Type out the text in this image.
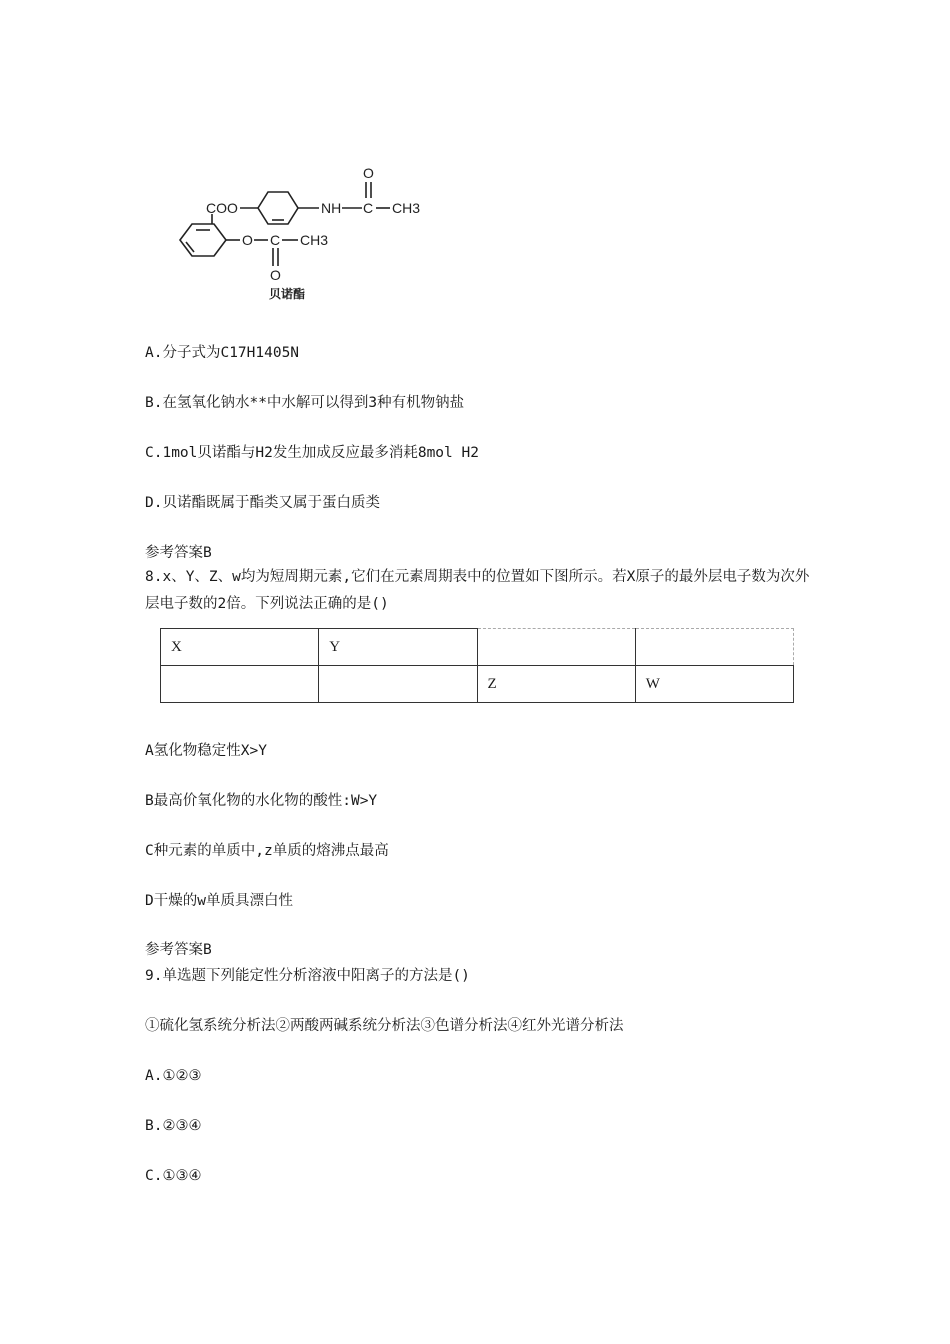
COO	NH C CH3
O
O C CH3
O
贝诺酯
A.分子式为C17H1405N
B.在氢氧化钠水**中水解可以得到3种有机物钠盐
C.1mol贝诺酯与H2发生加成反应最多消耗8mol H2
D.贝诺酯既属于酯类又属于蛋白质类
参考答案B
8.x、Y、Z、w均为短周期元素,它们在元素周期表中的位置如下图所示。若X原子的最外层电子数为次外层电子数的2倍。下列说法正确的是()
X	Y		
		Z	W
A氢化物稳定性X>Y
B最高价氧化物的水化物的酸性:W>Y
C种元素的单质中,z单质的熔沸点最高
D干燥的w单质具漂白性
参考答案B
9.单选题下列能定性分析溶液中阳离子的方法是()
①硫化氢系统分析法②两酸两碱系统分析法③色谱分析法④红外光谱分析法
A.①②③
B.②③④
C.①③④
